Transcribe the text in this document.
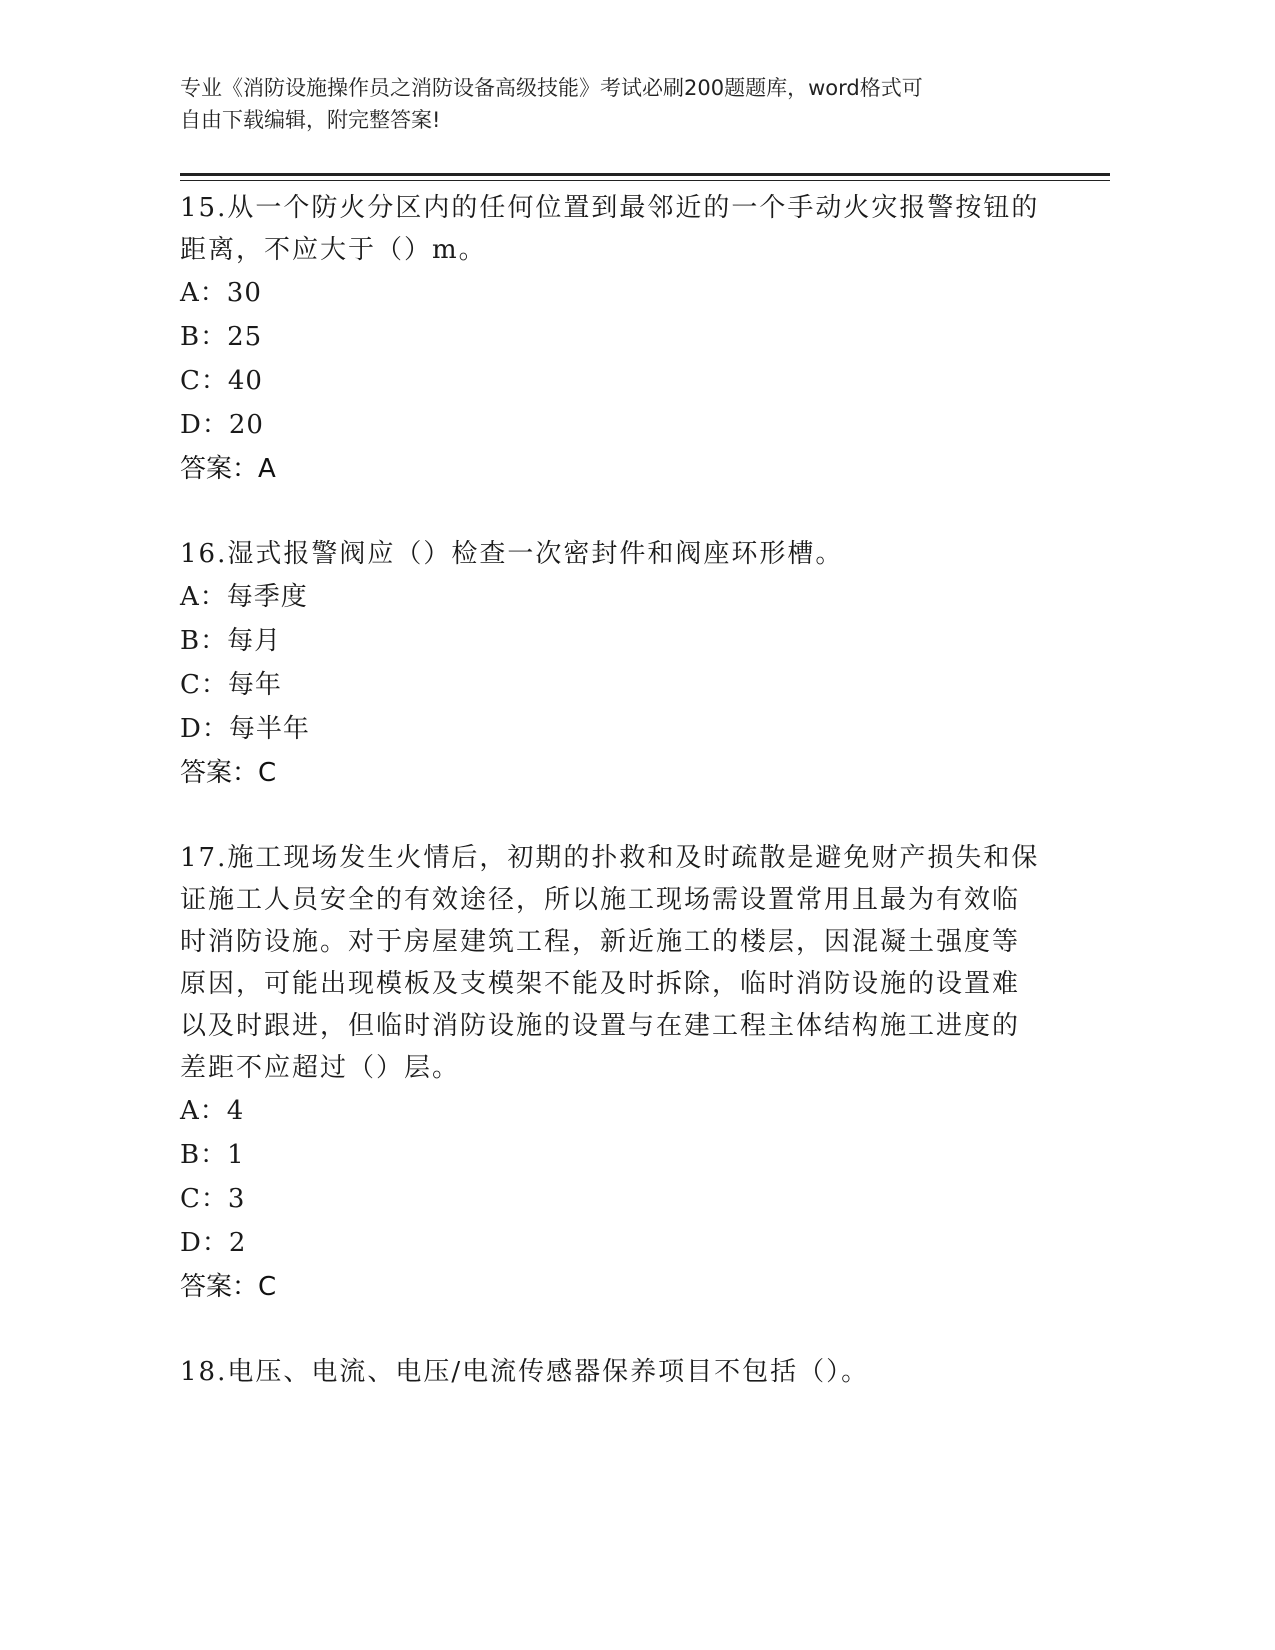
专业《消防设施操作员之消防设备高级技能》考试必刷200题题库，word格式可
自由下载编辑，附完整答案!

15.从一个防火分区内的任何位置到最邻近的一个手动火灾报警按钮的

距离，不应大于（）m。

A：30

B：25

C：40

D：20

答案：A

16.湿式报警阀应（）检查一次密封件和阀座环形槽。

A：每季度

B：每月

C：每年

D：每半年

答案：C

17.施工现场发生火情后，初期的扑救和及时疏散是避免财产损失和保

证施工人员安全的有效途径，所以施工现场需设置常用且最为有效临

时消防设施。对于房屋建筑工程，新近施工的楼层，因混凝土强度等

原因，可能出现模板及支模架不能及时拆除，临时消防设施的设置难

以及时跟进，但临时消防设施的设置与在建工程主体结构施工进度的

差距不应超过（）层。

A：4

B：1

C：3

D：2

答案：C

18.电压、电流、电压/电流传感器保养项目不包括（）。
